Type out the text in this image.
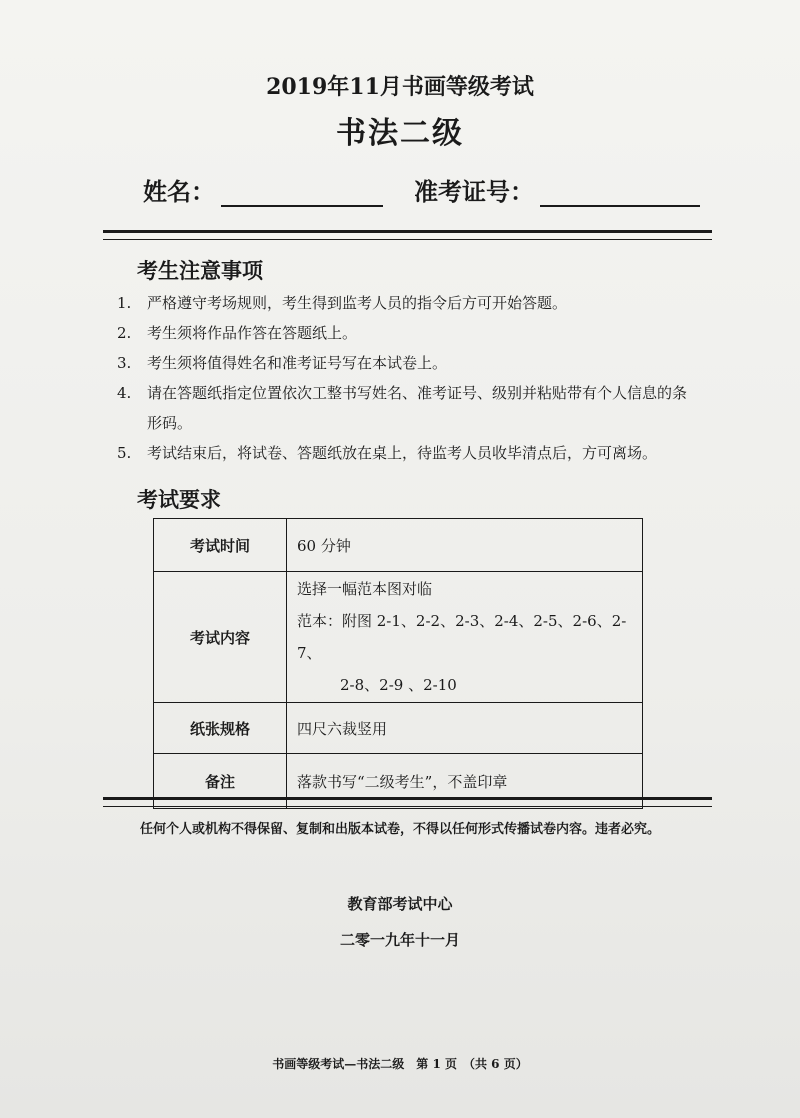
2019年11月书画等级考试
书法二级
姓名：	准考证号：
考生注意事项
1.	严格遵守考场规则，考生得到监考人员的指令后方可开始答题。
2.	考生须将作品作答在答题纸上。
3.	考生须将值得姓名和准考证号写在本试卷上。
4.	请在答题纸指定位置依次工整书写姓名、准考证号、级别并粘贴带有个人信息的条形码。
5.	考试结束后，将试卷、答题纸放在桌上，待监考人员收毕清点后，方可离场。
考试要求
考试时间	60 分钟
考试内容	选择一幅范本图对临
范本：附图 2-1、2-2、2-3、2-4、2-5、2-6、2-7、
2-8、2-9 、2-10

纸张规格	四尺六裁竖用
备注	落款书写“二级考生”，不盖印章
任何个人或机构不得保留、复制和出版本试卷，不得以任何形式传播试卷内容。违者必究。
教育部考试中心
二零一九年十一月
书画等级考试—书法二级　第 1 页　（共 6 页）
